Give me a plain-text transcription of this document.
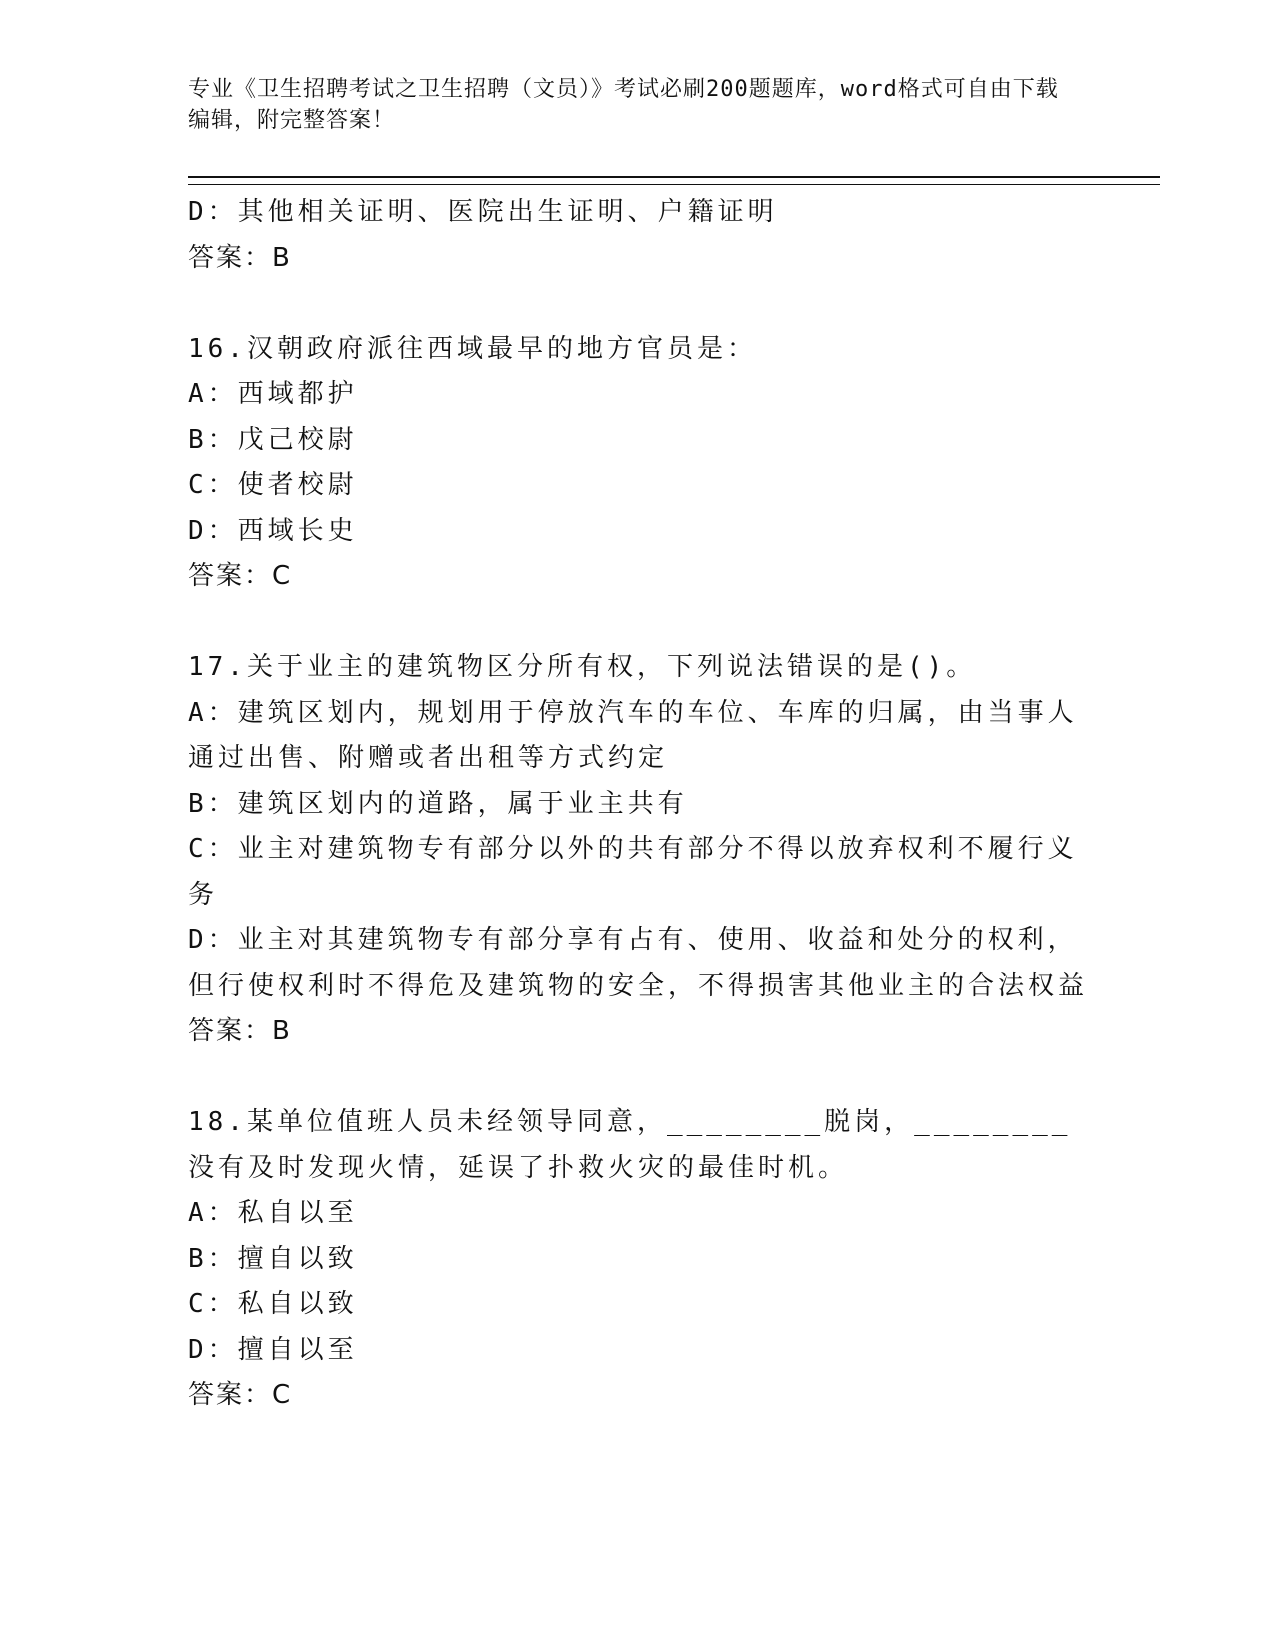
专业《卫生招聘考试之卫生招聘（文员）》考试必刷200题题库，word格式可自由下载编辑，附完整答案！
D：其他相关证明、医院出生证明、户籍证明
答案：B
16.汉朝政府派往西域最早的地方官员是：
A：西域都护
B：戊己校尉
C：使者校尉
D：西域长史
答案：C
17.关于业主的建筑物区分所有权，下列说法错误的是()。
A：建筑区划内，规划用于停放汽车的车位、车库的归属，由当事人通过出售、附赠或者出租等方式约定
B：建筑区划内的道路，属于业主共有
C：业主对建筑物专有部分以外的共有部分不得以放弃权利不履行义务
D：业主对其建筑物专有部分享有占有、使用、收益和处分的权利，但行使权利时不得危及建筑物的安全，不得损害其他业主的合法权益
答案：B
18.某单位值班人员未经领导同意，________脱岗，________没有及时发现火情，延误了扑救火灾的最佳时机。
A：私自以至
B：擅自以致
C：私自以致
D：擅自以至
答案：C
